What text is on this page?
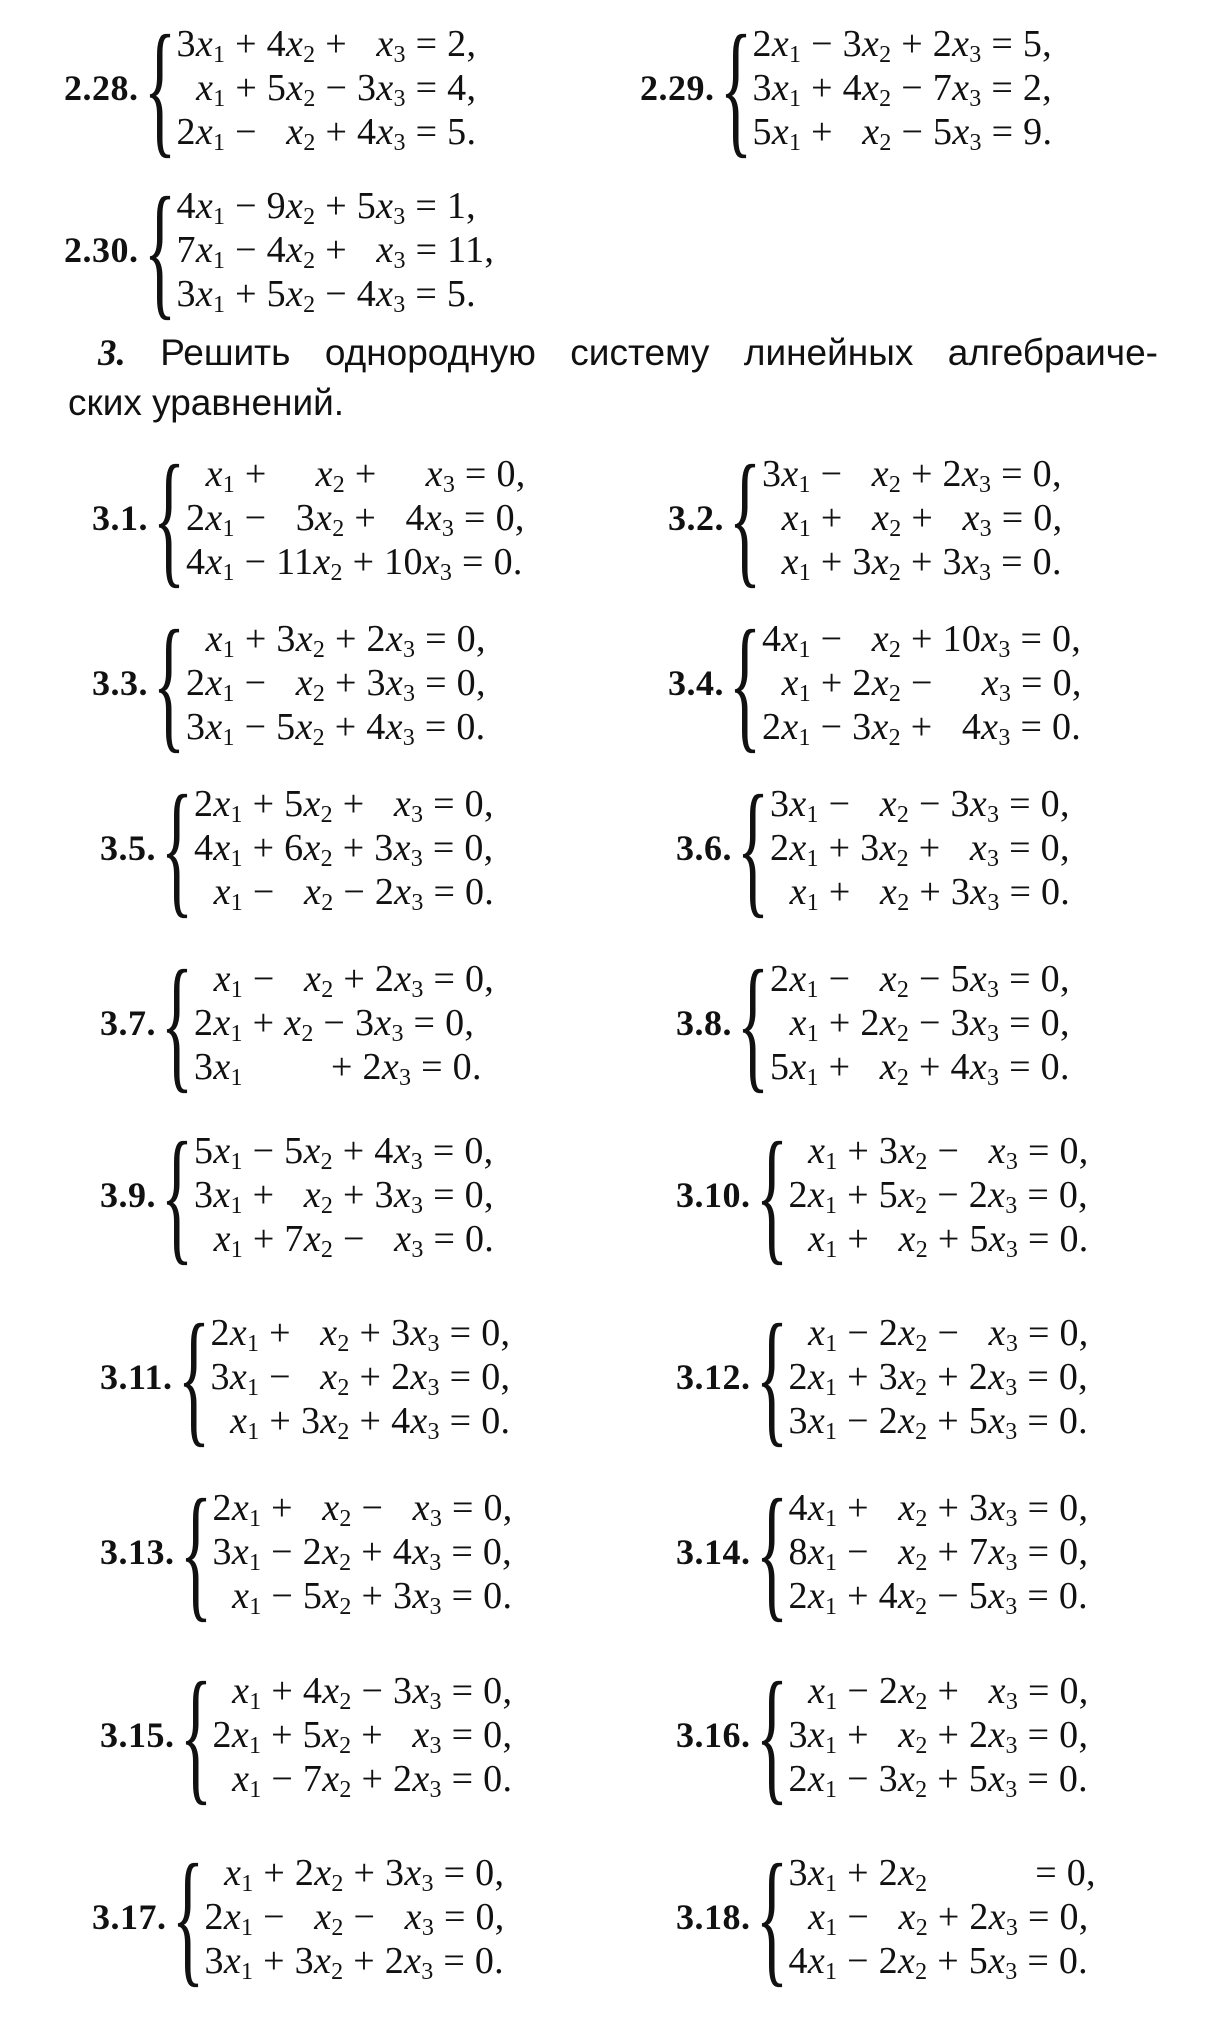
2.28. { $3x_1 + 4x_2 + x_3 = 2$,
$x_1 + 5x_2 - 3x_3 = 4$,
$2x_1 - x_2 + 4x_3 = 5$.
2.29. { $2x_1 - 3x_2 + 2x_3 = 5$,
$3x_1 + 4x_2 - 7x_3 = 2$,
$5x_1 + x_2 - 5x_3 = 9$.
2.30. { $4x_1 - 9x_2 + 5x_3 = 1$,
$7x_1 - 4x_2 + x_3 = 11$,
$3x_1 + 5x_2 - 4x_3 = 5$.
3. Решить однородную систему линейных алгебраиче-
ских уравнений.
3.1. { $x_1$ +     $x_2$ +     $x_3 = 0$,
$2x_1 - 3x_2 + 4x_3 = 0$,
$4x_1 - 11x_2 + 10x_3 = 0$.
3.2. { $3x_1 - x_2 + 2x_3 = 0$,
$x_1 + x_2 + x_3 = 0$,
$x_1 + 3x_2 + 3x_3 = 0$.
3.3. { $x_1 + 3x_2 + 2x_3 = 0$,
$2x_1 - x_2 + 3x_3 = 0$,
$3x_1 - 5x_2 + 4x_3 = 0$.
3.4. { $4x_1 - x_2 + 10x_3 = 0$,
$x_1 + 2x_2$ −     $x_3 = 0$,
$2x_1 - 3x_2 + 4x_3 = 0$.
3.5. { $2x_1 + 5x_2 + x_3 = 0$,
$4x_1 + 6x_2 + 3x_3 = 0$,
$x_1 - x_2 - 2x_3 = 0$.
3.6. { $3x_1 - x_2 - 3x_3 = 0$,
$2x_1 + 3x_2 + x_3 = 0$,
$x_1 + x_2 + 3x_3 = 0$.
3.7. { $x_1 - x_2 + 2x_3 = 0$,
$2x_1 + x_2 - 3x_3 = 0$,
$3x_1$         + $2x_3 = 0$.
3.8. { $2x_1 - x_2 - 5x_3 = 0$,
$x_1 + 2x_2 - 3x_3 = 0$,
$5x_1 + x_2 + 4x_3 = 0$.
3.9. { $5x_1 - 5x_2 + 4x_3 = 0$,
$3x_1 + x_2 + 3x_3 = 0$,
$x_1 + 7x_2 - x_3 = 0$.
3.10. { $x_1 + 3x_2 - x_3 = 0$,
$2x_1 + 5x_2 - 2x_3 = 0$,
$x_1 + x_2 + 5x_3 = 0$.
3.11. { $2x_1 + x_2 + 3x_3 = 0$,
$3x_1 - x_2 + 2x_3 = 0$,
$x_1 + 3x_2 + 4x_3 = 0$.
3.12. { $x_1 - 2x_2 - x_3 = 0$,
$2x_1 + 3x_2 + 2x_3 = 0$,
$3x_1 - 2x_2 + 5x_3 = 0$.
3.13. { $2x_1 + x_2 - x_3 = 0$,
$3x_1 - 2x_2 + 4x_3 = 0$,
$x_1 - 5x_2 + 3x_3 = 0$.
3.14. { $4x_1 + x_2 + 3x_3 = 0$,
$8x_1 - x_2 + 7x_3 = 0$,
$2x_1 + 4x_2 - 5x_3 = 0$.
3.15. { $x_1 + 4x_2 - 3x_3 = 0$,
$2x_1 + 5x_2 + x_3 = 0$,
$x_1 - 7x_2 + 2x_3 = 0$.
3.16. { $x_1 - 2x_2 + x_3 = 0$,
$3x_1 + x_2 + 2x_3 = 0$,
$2x_1 - 3x_2 + 5x_3 = 0$.
3.17. { $x_1 + 2x_2 + 3x_3 = 0$,
$2x_1 - x_2 - x_3 = 0$,
$3x_1 + 3x_2 + 2x_3 = 0$.
3.18. { $3x_1 + 2x_2$           = 0,
$x_1 - x_2 + 2x_3 = 0$,
$4x_1 - 2x_2 + 5x_3 = 0$.
